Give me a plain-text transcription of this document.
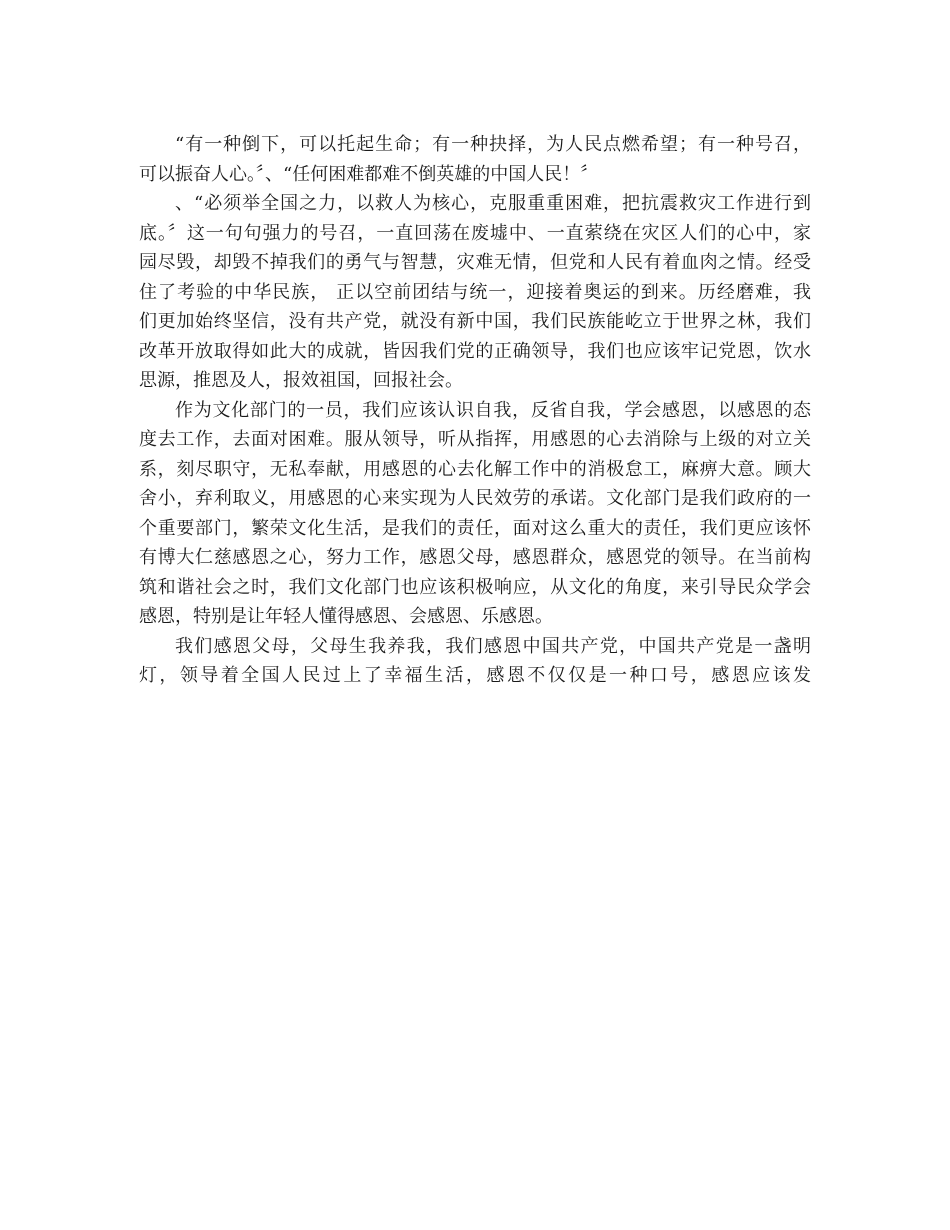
“有一种倒下，可以托起生命；有一种抉择，为人民点燃希望；有一种号召，
可以振奋人心。〞、“任何困难都难不倒英雄的中国人民！〞
、“必须举全国之力，以救人为核心，克服重重困难，把抗震救灾工作进行到
底。〞这一句句强力的号召，一直回荡在废墟中、一直萦绕在灾区人们的心中，家
园尽毁，却毁不掉我们的勇气与智慧，灾难无情，但党和人民有着血肉之情。经受
住了考验的中华民族， 正以空前团结与统一，迎接着奥运的到来。历经磨难，我
们更加始终坚信，没有共产党，就没有新中国，我们民族能屹立于世界之林，我们
改革开放取得如此大的成就，皆因我们党的正确领导，我们也应该牢记党恩，饮水
思源，推恩及人，报效祖国，回报社会。
作为文化部门的一员，我们应该认识自我，反省自我，学会感恩，以感恩的态
度去工作，去面对困难。服从领导，听从指挥，用感恩的心去消除与上级的对立关
系，刻尽职守，无私奉献，用感恩的心去化解工作中的消极怠工，麻痹大意。顾大
舍小，弃利取义，用感恩的心来实现为人民效劳的承诺。文化部门是我们政府的一
个重要部门，繁荣文化生活，是我们的责任，面对这么重大的责任，我们更应该怀
有博大仁慈感恩之心，努力工作，感恩父母，感恩群众，感恩党的领导。在当前构
筑和谐社会之时，我们文化部门也应该积极响应，从文化的角度，来引导民众学会
感恩，特别是让年轻人懂得感恩、会感恩、乐感恩。
我们感恩父母，父母生我养我，我们感恩中国共产党，中国共产党是一盏明
灯，领导着全国人民过上了幸福生活，感恩不仅仅是一种口号，感恩应该发
